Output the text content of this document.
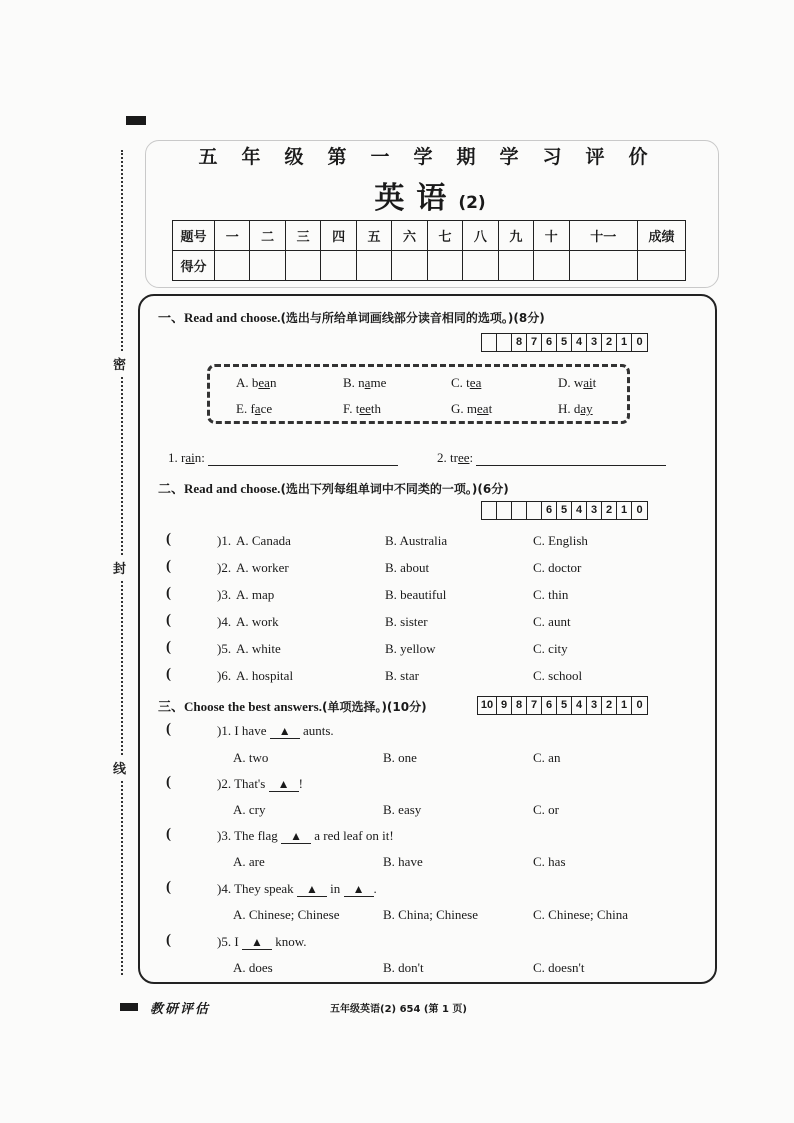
密
封
线
五年级第一学期学习评价
英语(2)
题号	一	二	三	四	五	六	七	八	九	十	十一	成绩
得分												
一、Read and choose.(选出与所给单词画线部分读音相同的选项。)(8分)
8 7 6 5 4 3 2 1 0
A. bean	B. name	C. tea	D. wait
E. face	F. teeth	G. meat	H. day
1. rain:	2. tree:
二、Read and choose.(选出下列每组单词中不同类的一项。)(6分)
6 5 4 3 2 1 0
(	)1. A. Canada	B. Australia	C. English
(	)2. A. worker	B. about	C. doctor
(	)3. A. map	B. beautiful	C. thin
(	)4. A. work	B. sister	C. aunt
(	)5. A. white	B. yellow	C. city
(	)6. A. hospital	B. star	C. school
三、Choose the best answers.(单项选择。)(10分)	10 9 8 7 6 5 4 3 2 1 0
(	)1. I have ▲ aunts.
A. two	B. one	C. an
(	)2. That's ▲ !
A. cry	B. easy	C. or
(	)3. The flag ▲ a red leaf on it!
A. are	B. have	C. has
(	)4. They speak ▲ in ▲ .
A. Chinese; Chinese	B. China; Chinese	C. Chinese; China
(	)5. I ▲ know.
A. does	B. don't	C. doesn't
教研评估	五年级英语(2) 654 (第 1 页)
